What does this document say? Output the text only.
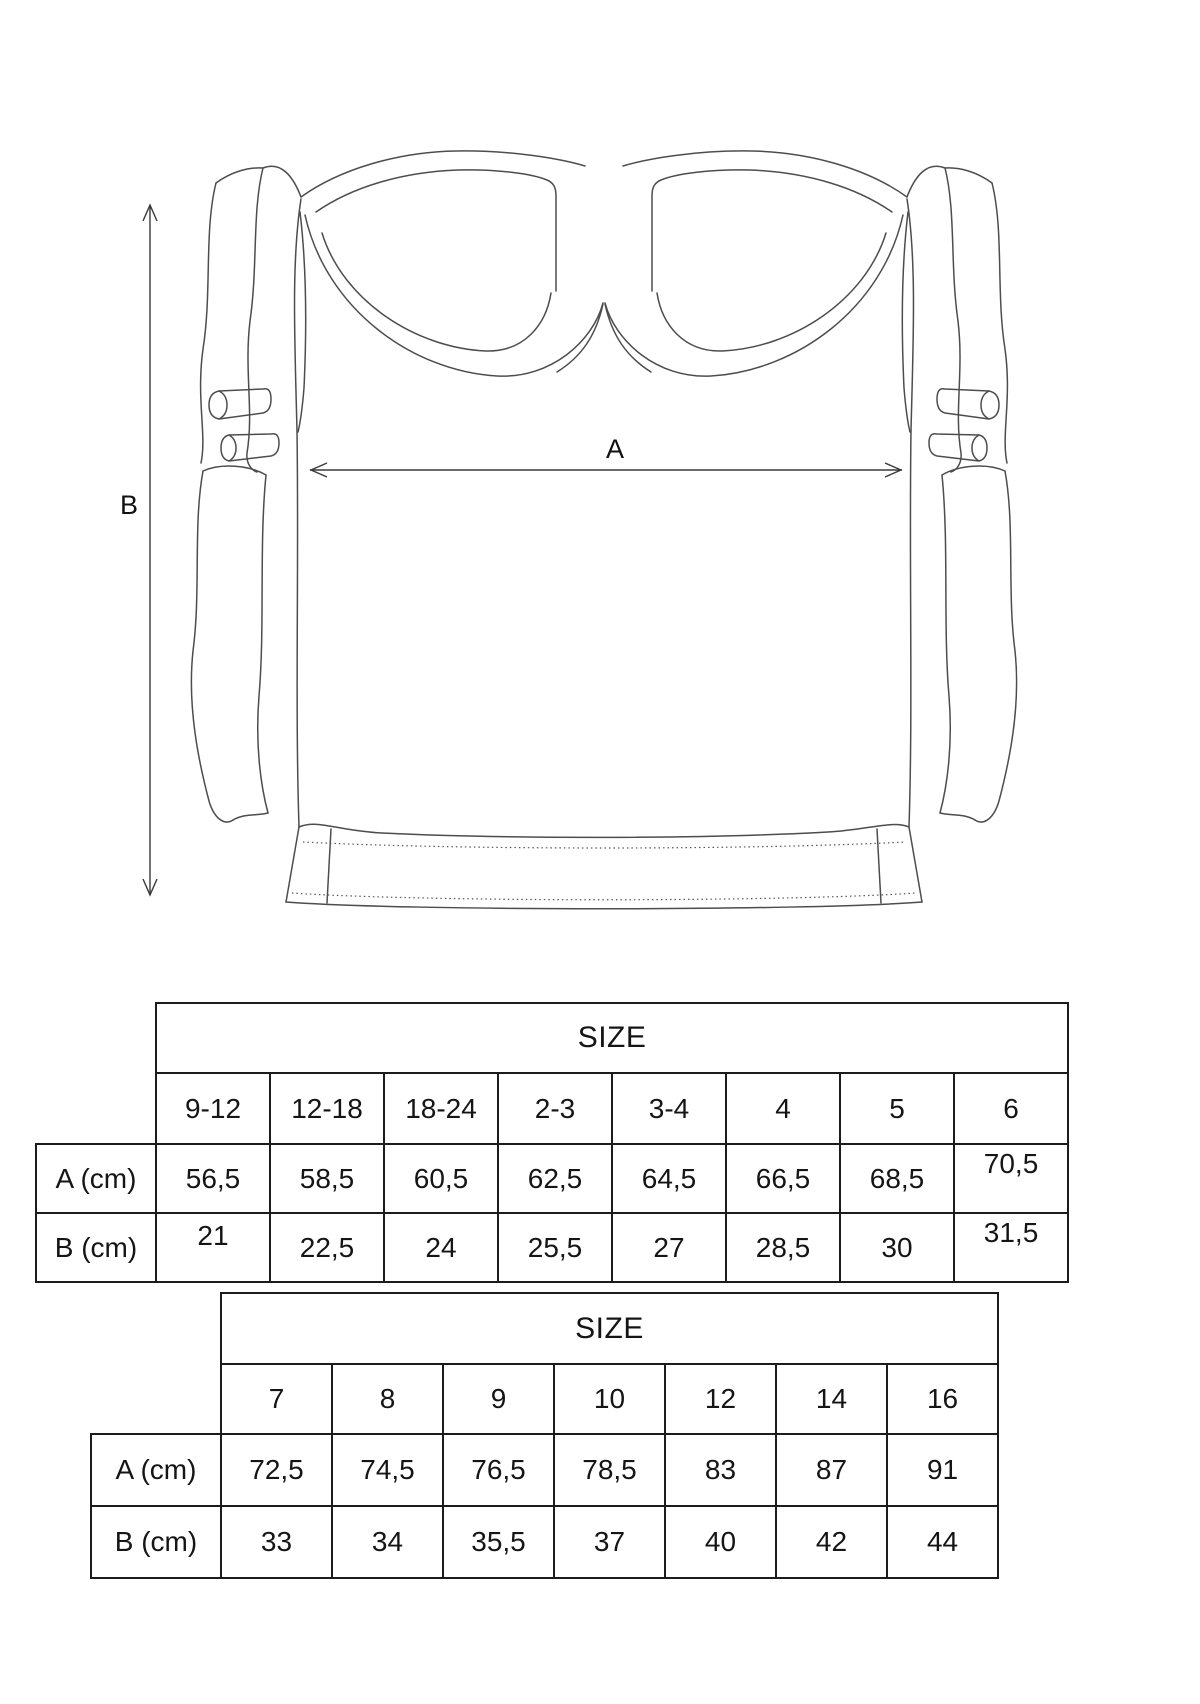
A
B
	SIZE							
	9-12	12-18	18-24	2-3	3-4	4	5	6
A (cm)	56,5	58,5	60,5	62,5	64,5	66,5	68,5	70,5
B (cm)	21	22,5	24	25,5	27	28,5	30	31,5
	SIZE						
	7	8	9	10	12	14	16
A (cm)	72,5	74,5	76,5	78,5	83	87	91
B (cm)	33	34	35,5	37	40	42	44
